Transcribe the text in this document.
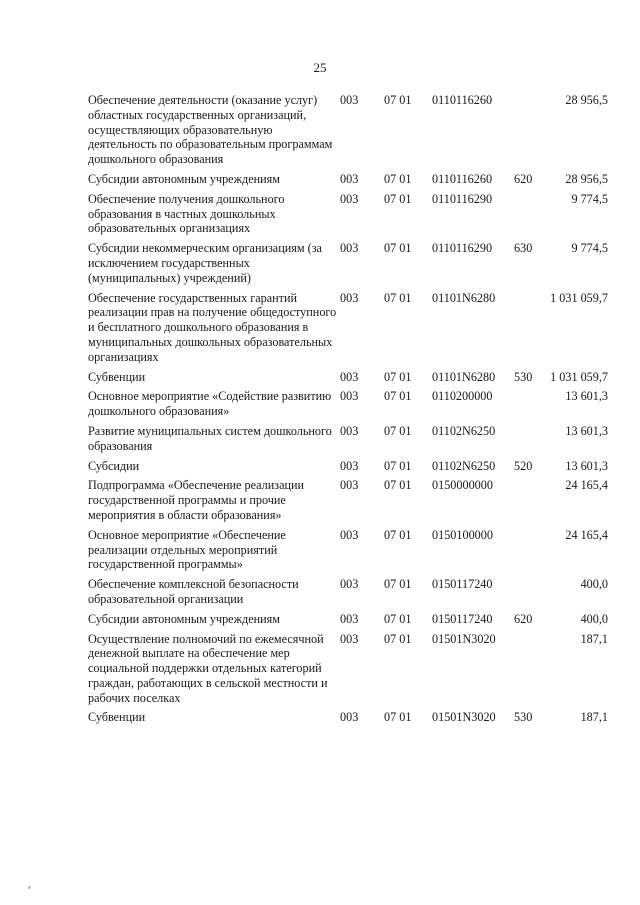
25
Обеспечение деятельности (оказание услуг) областных государственных организаций, осуществляющих образовательную деятельность по образовательным программам дошкольного образования	003	07 01	0110116260		28 956,5
Субсидии автономным учреждениям	003	07 01	0110116260	620	28 956,5
Обеспечение получения дошкольного образования в частных дошкольных образовательных организациях	003	07 01	0110116290		9 774,5
Субсидии некоммерческим организациям (за исключением государственных (муниципальных) учреждений)	003	07 01	0110116290	630	9 774,5
Обеспечение государственных гарантий реализации прав на получение общедоступного и бесплатного дошкольного образования в муниципальных дошкольных образовательных организациях	003	07 01	01101N6280		1 031 059,7
Субвенции	003	07 01	01101N6280	530	1 031 059,7
Основное мероприятие «Содействие развитию дошкольного образования»	003	07 01	0110200000		13 601,3
Развитие муниципальных систем дошкольного образования	003	07 01	01102N6250		13 601,3
Субсидии	003	07 01	01102N6250	520	13 601,3
Подпрограмма «Обеспечение реализации государственной программы и прочие мероприятия в области образования»	003	07 01	0150000000		24 165,4
Основное мероприятие «Обеспечение реализации отдельных мероприятий государственной программы»	003	07 01	0150100000		24 165,4
Обеспечение комплексной безопасности образовательной организации	003	07 01	0150117240		400,0
Субсидии автономным учреждениям	003	07 01	0150117240	620	400,0
Осуществление полномочий по ежемесячной денежной выплате на обеспечение мер социальной поддержки отдельных категорий граждан, работающих в сельской местности и рабочих поселках	003	07 01	01501N3020		187,1
Субвенции	003	07 01	01501N3020	530	187,1
